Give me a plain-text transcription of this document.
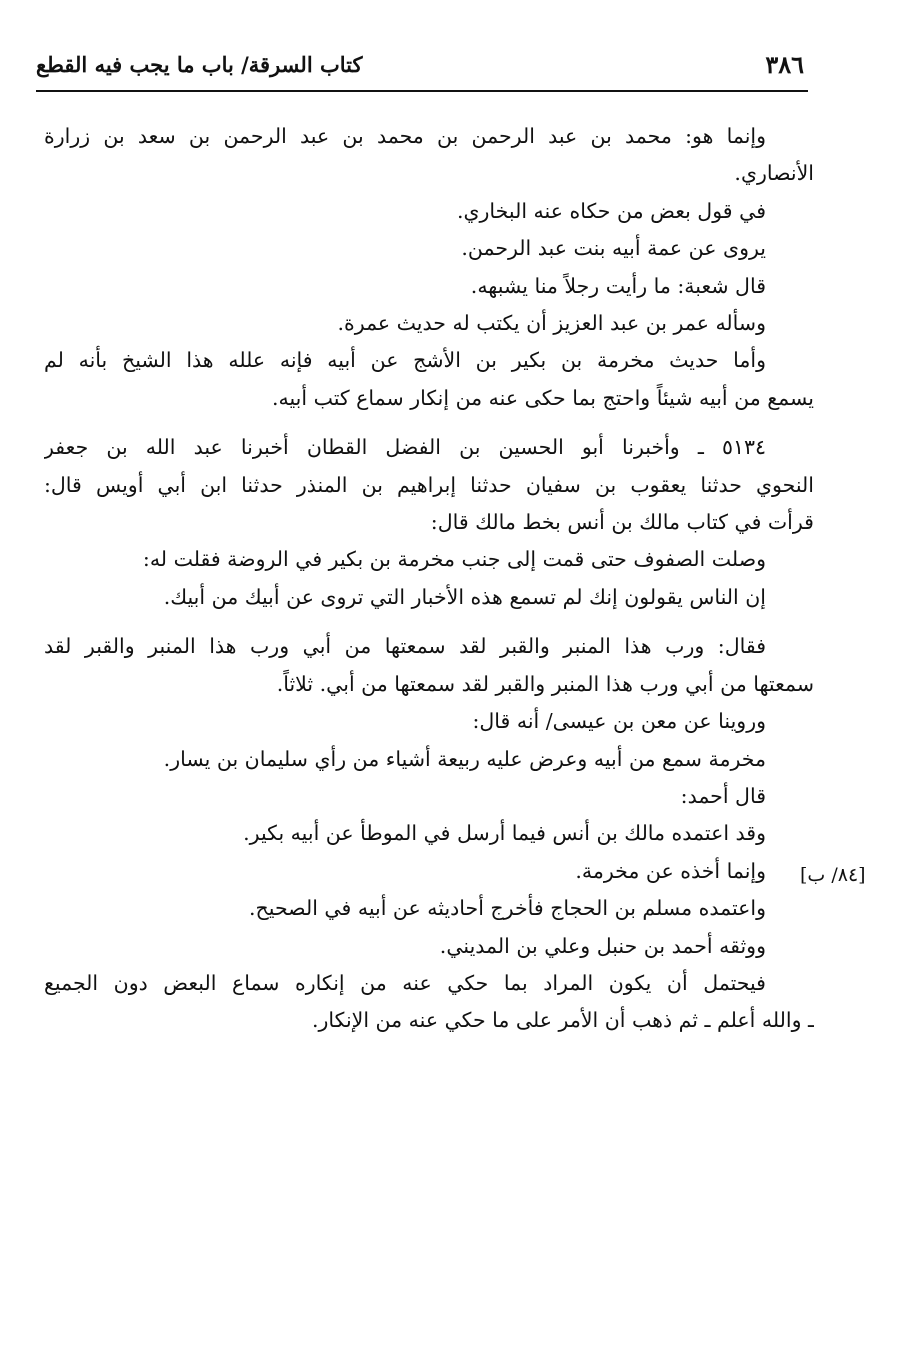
كتاب السرقة/ باب ما يجب فيه القطع	٣٨٦
[٨٤/ ب]
وإنما هو: محمد بن عبد الرحمن بن محمد بن عبد الرحمن بن سعد بن زرارة
الأنصاري.
في قول بعض من حكاه عنه البخاري.
يروى عن عمة أبيه بنت عبد الرحمن.
قال شعبة: ما رأيت رجلاً منا يشبهه.
وسأله عمر بن عبد العزيز أن يكتب له حديث عمرة.
وأما حديث مخرمة بن بكير بن الأشج عن أبيه فإنه علله هذا الشيخ بأنه لم
يسمع من أبيه شيئاً واحتج بما حكى عنه من إنكار سماع كتب أبيه.
٥١٣٤ ـ وأخبرنا أبو الحسين بن الفضل القطان أخبرنا عبد الله بن جعفر
النحوي حدثنا يعقوب بن سفيان حدثنا إبراهيم بن المنذر حدثنا ابن أبي أويس قال:
قرأت في كتاب مالك بن أنس بخط مالك قال:
وصلت الصفوف حتى قمت إلى جنب مخرمة بن بكير في الروضة فقلت له:
إن الناس يقولون إنك لم تسمع هذه الأخبار التي تروى عن أبيك من أبيك.
فقال: ورب هذا المنبر والقبر لقد سمعتها من أبي ورب هذا المنبر والقبر لقد
سمعتها من أبي ورب هذا المنبر والقبر لقد سمعتها من أبي. ثلاثاً.
وروينا عن معن بن عيسى/ أنه قال:
مخرمة سمع من أبيه وعرض عليه ربيعة أشياء من رأي سليمان بن يسار.
قال أحمد:
وقد اعتمده مالك بن أنس فيما أرسل في الموطأ عن أبيه بكير.
وإنما أخذه عن مخرمة.
واعتمده مسلم بن الحجاج فأخرج أحاديثه عن أبيه في الصحيح.
ووثقه أحمد بن حنبل وعلي بن المديني.
فيحتمل أن يكون المراد بما حكي عنه من إنكاره سماع البعض دون الجميع
ـ والله أعلم ـ ثم ذهب أن الأمر على ما حكي عنه من الإنكار.
